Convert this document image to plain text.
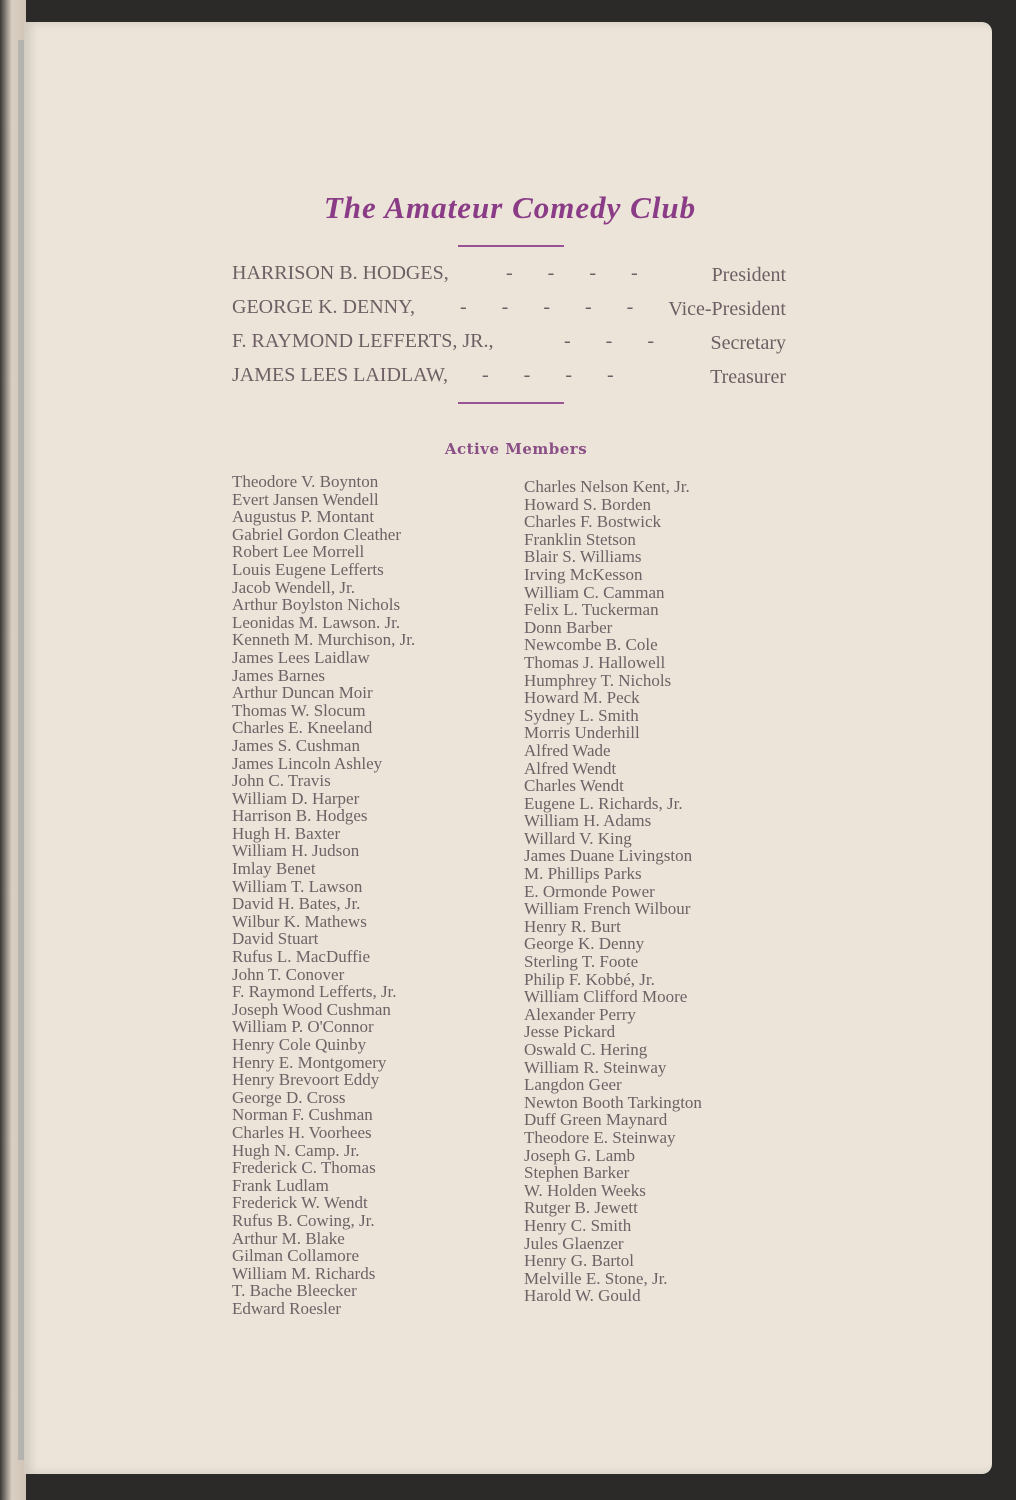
The Amateur Comedy Club
HARRISON B. HODGES,	- - - -	President
GEORGE K. DENNY, - - - - - Vice-President
F. RAYMOND LEFFERTS, JR.,	- - - Secretary
JAMES LEES LAIDLAW, - - - -	Treasurer
Active Members
Theodore V. Boynton
Evert Jansen Wendell
Augustus P. Montant
Gabriel Gordon Cleather
Robert Lee Morrell
Louis Eugene Lefferts
Jacob Wendell, Jr.
Arthur Boylston Nichols
Leonidas M. Lawson. Jr.
Kenneth M. Murchison, Jr.
James Lees Laidlaw
James Barnes
Arthur Duncan Moir
Thomas W. Slocum
Charles E. Kneeland
James S. Cushman
James Lincoln Ashley
John C. Travis
William D. Harper
Harrison B. Hodges
Hugh H. Baxter
William H. Judson
Imlay Benet
William T. Lawson
David H. Bates, Jr.
Wilbur K. Mathews
David Stuart
Rufus L. MacDuffie
John T. Conover
F. Raymond Lefferts, Jr.
Joseph Wood Cushman
William P. O'Connor
Henry Cole Quinby
Henry E. Montgomery
Henry Brevoort Eddy
George D. Cross
Norman F. Cushman
Charles H. Voorhees
Hugh N. Camp. Jr.
Frederick C. Thomas
Frank Ludlam
Frederick W. Wendt
Rufus B. Cowing, Jr.
Arthur M. Blake
Gilman Collamore
William M. Richards
T. Bache Bleecker
Edward Roesler
Charles Nelson Kent, Jr.
Howard S. Borden
Charles F. Bostwick
Franklin Stetson
Blair S. Williams
Irving McKesson
William C. Camman
Felix L. Tuckerman
Donn Barber
Newcombe B. Cole
Thomas J. Hallowell
Humphrey T. Nichols
Howard M. Peck
Sydney L. Smith
Morris Underhill
Alfred Wade
Alfred Wendt
Charles Wendt
Eugene L. Richards, Jr.
William H. Adams
Willard V. King
James Duane Livingston
M. Phillips Parks
E. Ormonde Power
William French Wilbour
Henry R. Burt
George K. Denny
Sterling T. Foote
Philip F. Kobbé, Jr.
William Clifford Moore
Alexander Perry
Jesse Pickard
Oswald C. Hering
William R. Steinway
Langdon Geer
Newton Booth Tarkington
Duff Green Maynard
Theodore E. Steinway
Joseph G. Lamb
Stephen Barker
W. Holden Weeks
Rutger B. Jewett
Henry C. Smith
Jules Glaenzer
Henry G. Bartol
Melville E. Stone, Jr.
Harold W. Gould
